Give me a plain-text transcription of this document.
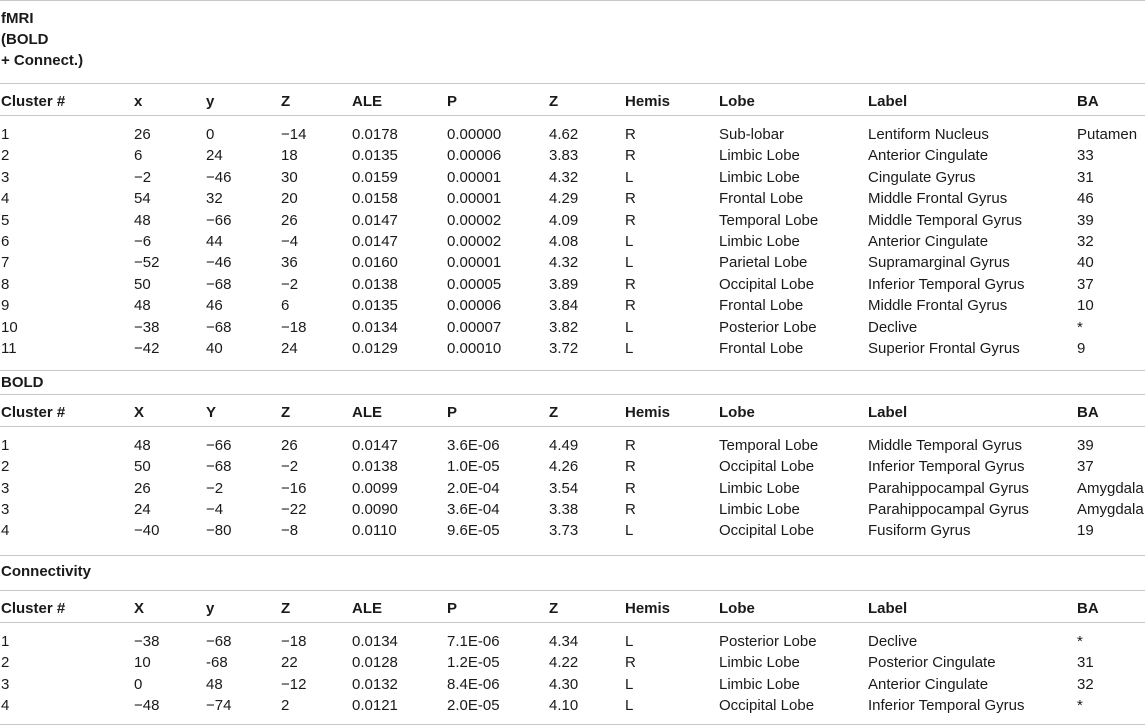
fMRI
(BOLD
+ Connect.)
Cluster #	x	y	Z	ALE	P	Z	Hemis	Lobe	Label	BA
1	26	0	−14	0.0178	0.00000	4.62	R	Sub-lobar	Lentiform Nucleus	Putamen
2	6	24	18	0.0135	0.00006	3.83	R	Limbic Lobe	Anterior Cingulate	33
3	−2	−46	30	0.0159	0.00001	4.32	L	Limbic Lobe	Cingulate Gyrus	31
4	54	32	20	0.0158	0.00001	4.29	R	Frontal Lobe	Middle Frontal Gyrus	46
5	48	−66	26	0.0147	0.00002	4.09	R	Temporal Lobe	Middle Temporal Gyrus	39
6	−6	44	−4	0.0147	0.00002	4.08	L	Limbic Lobe	Anterior Cingulate	32
7	−52	−46	36	0.0160	0.00001	4.32	L	Parietal Lobe	Supramarginal Gyrus	40
8	50	−68	−2	0.0138	0.00005	3.89	R	Occipital Lobe	Inferior Temporal Gyrus	37
9	48	46	6	0.0135	0.00006	3.84	R	Frontal Lobe	Middle Frontal Gyrus	10
10	−38	−68	−18	0.0134	0.00007	3.82	L	Posterior Lobe	Declive	*
11	−42	40	24	0.0129	0.00010	3.72	L	Frontal Lobe	Superior Frontal Gyrus	9
BOLD
Cluster #	X	Y	Z	ALE	P	Z	Hemis	Lobe	Label	BA
1	48	−66	26	0.0147	3.6E-06	4.49	R	Temporal Lobe	Middle Temporal Gyrus	39
2	50	−68	−2	0.0138	1.0E-05	4.26	R	Occipital Lobe	Inferior Temporal Gyrus	37
3	26	−2	−16	0.0099	2.0E-04	3.54	R	Limbic Lobe	Parahippocampal Gyrus	Amygdala
3	24	−4	−22	0.0090	3.6E-04	3.38	R	Limbic Lobe	Parahippocampal Gyrus	Amygdala
4	−40	−80	−8	0.0110	9.6E-05	3.73	L	Occipital Lobe	Fusiform Gyrus	19
Connectivity
Cluster #	X	y	Z	ALE	P	Z	Hemis	Lobe	Label	BA
1	−38	−68	−18	0.0134	7.1E-06	4.34	L	Posterior Lobe	Declive	*
2	10	-68	22	0.0128	1.2E-05	4.22	R	Limbic Lobe	Posterior Cingulate	31
3	0	48	−12	0.0132	8.4E-06	4.30	L	Limbic Lobe	Anterior Cingulate	32
4	−48	−74	2	0.0121	2.0E-05	4.10	L	Occipital Lobe	Inferior Temporal Gyrus	*
